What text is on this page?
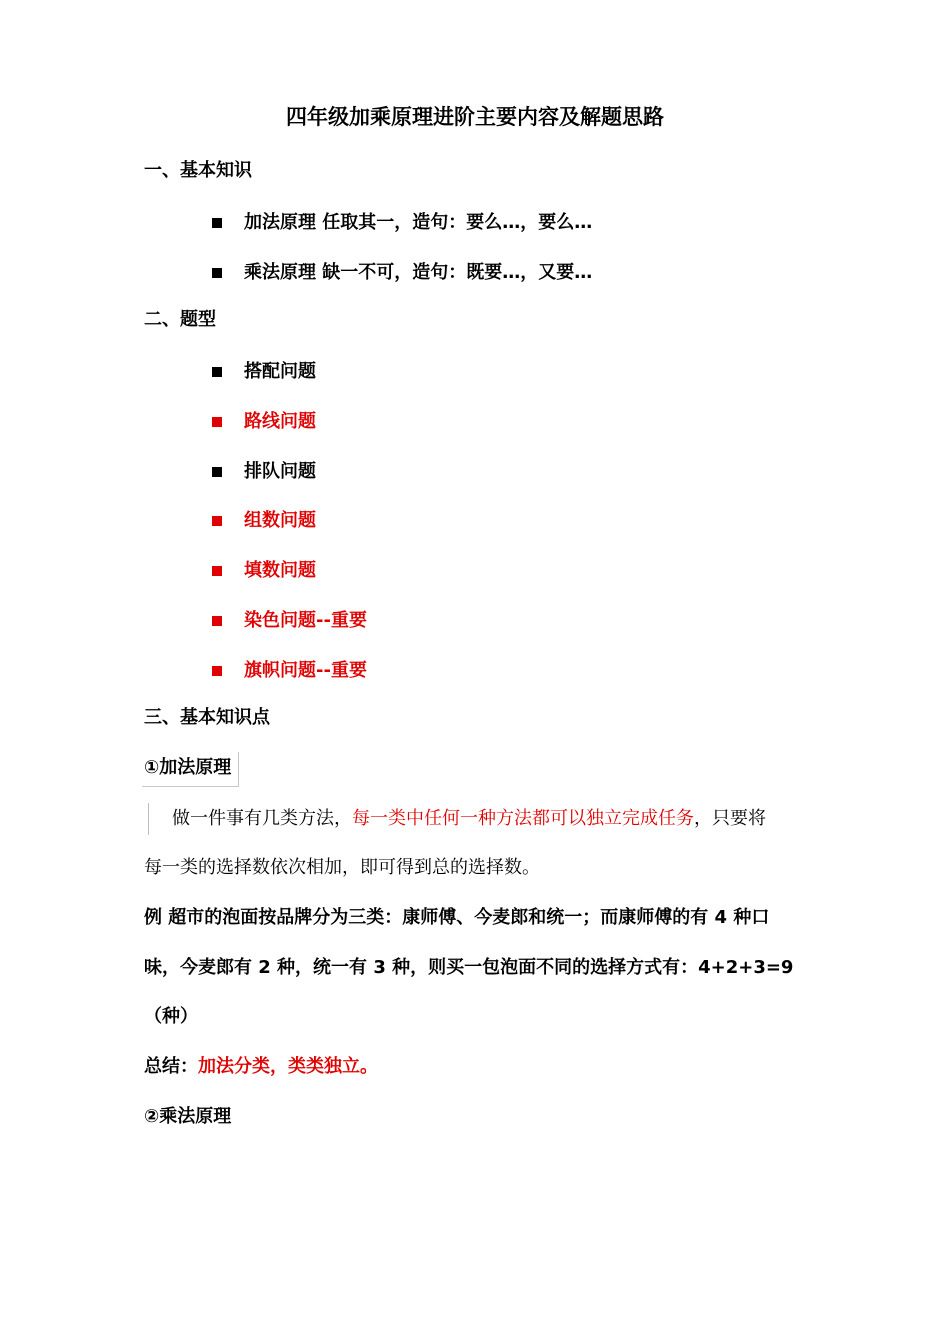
四年级加乘原理进阶主要内容及解题思路
一、基本知识
加法原理 任取其一，造句：要么…，要么…
乘法原理 缺一不可，造句：既要…，又要…
二、题型
搭配问题
路线问题
排队问题
组数问题
填数问题
染色问题--重要
旗帜问题--重要
三、基本知识点
①加法原理
做一件事有几类方法，每一类中任何一种方法都可以独立完成任务，只要将
每一类的选择数依次相加，即可得到总的选择数。
例 超市的泡面按品牌分为三类：康师傅、今麦郎和统一；而康师傅的有 4 种口
味，今麦郎有 2 种，统一有 3 种，则买一包泡面不同的选择方式有：4+2+3=9
（种）
总结：加法分类，类类独立。
②乘法原理
